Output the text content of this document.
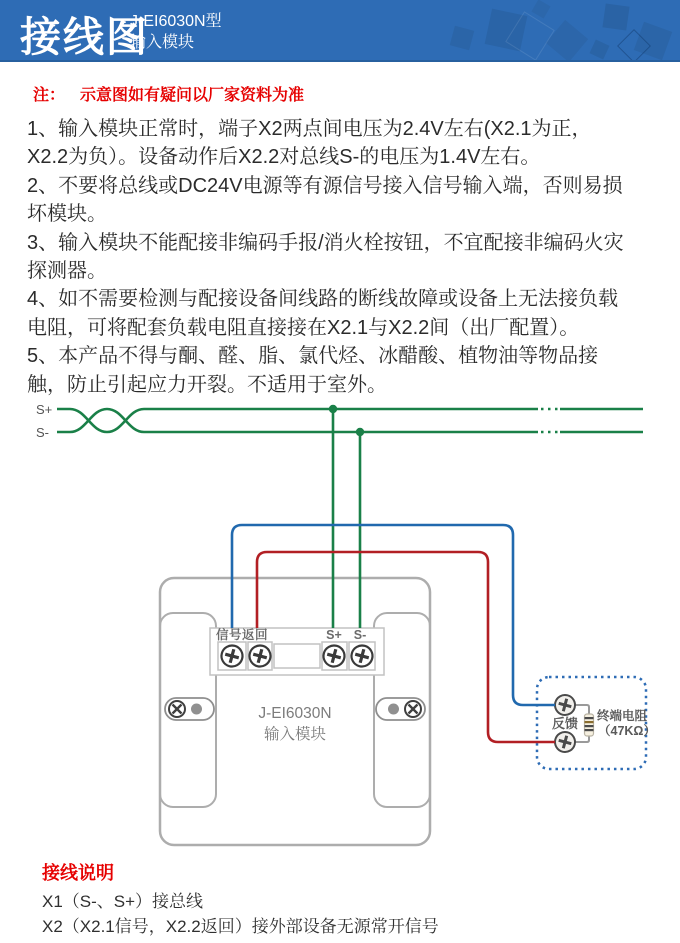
接线图
J-EI6030N型
输入模块
注： 示意图如有疑问以厂家资料为准

1、输入模块正常时，端子X2两点间电压为2.4V左右(X2.1为正，X2.2为负）。设备动作后X2.2对总线S-的电压为1.4V左右。

2、不要将总线或DC24V电源等有源信号接入信号输入端，否则易损坏模块。

3、输入模块不能配接非编码手报/消火栓按钮，不宜配接非编码火灾探测器。

4、如不需要检测与配接设备间线路的断线故障或设备上无法接负载电阻，可将配套负载电阻直接接在X2.1与X2.2间（出厂配置）。

5、本产品不得与酮、醛、脂、氯代烃、冰醋酸、植物油等物品接触，防止引起应力开裂。不适用于室外。

S+
S-
信号返回	S+ S-
J-EI6030N
输入模块
反馈 终端电阻
（47KΩ）
接线说明
X1（S-、S+）接总线
X2（X2.1信号，X2.2返回）接外部设备无源常开信号
